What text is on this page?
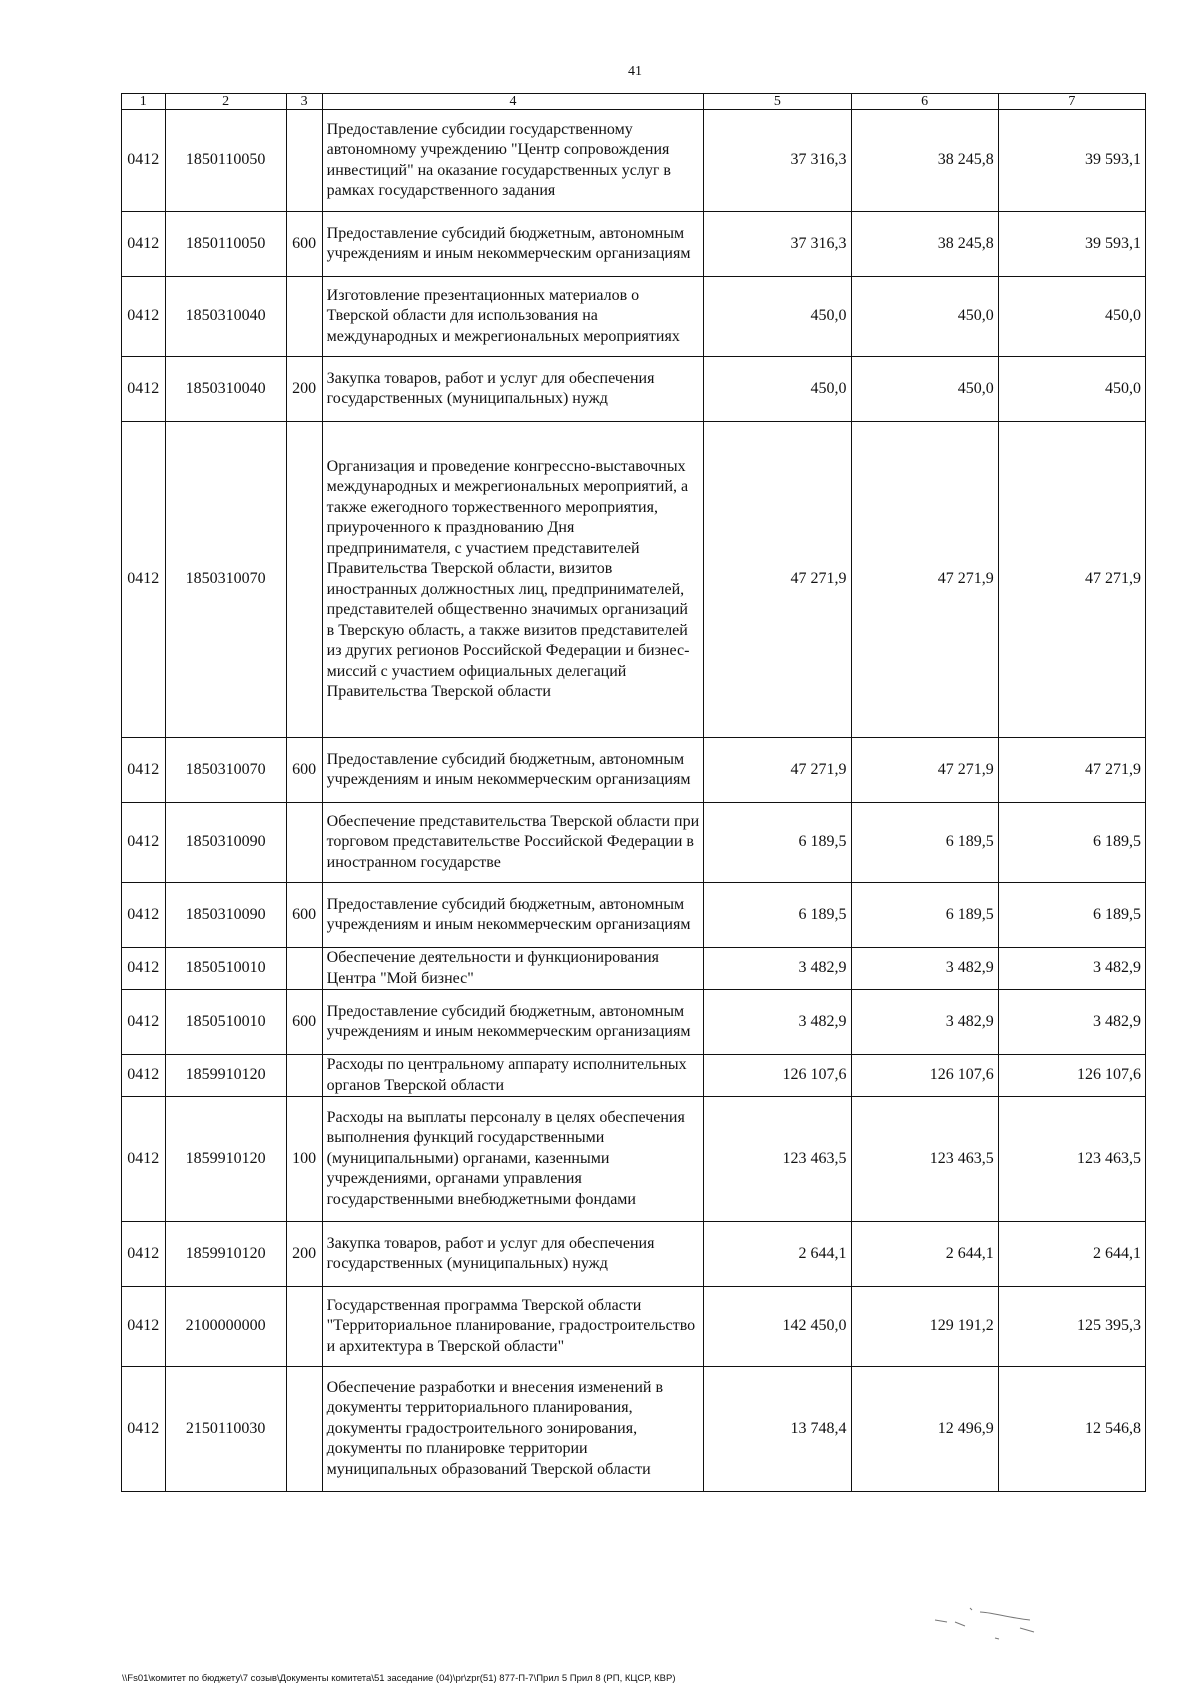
41
1	2	3	4	5	6	7
0412	1850110050		Предоставление субсидии государственному автономному учреждению "Центр сопровождения инвестиций" на оказание государственных услуг в рамках государственного задания	37 316,3	38 245,8	39 593,1
0412	1850110050	600	Предоставление субсидий бюджетным, автономным учреждениям и иным некоммерческим организациям	37 316,3	38 245,8	39 593,1
0412	1850310040		Изготовление презентационных материалов о Тверской области для использования на международных и межрегиональных мероприятиях	450,0	450,0	450,0
0412	1850310040	200	Закупка товаров, работ и услуг для обеспечения государственных (муниципальных) нужд	450,0	450,0	450,0
0412	1850310070		Организация и проведение конгрессно-выставочных международных и межрегиональных мероприятий, а также ежегодного торжественного мероприятия, приуроченного к празднованию Дня предпринимателя, с участием представителей Правительства Тверской области, визитов иностранных должностных лиц, предпринимателей, представителей общественно значимых организаций в Тверскую область, а также визитов представителей из других регионов Российской Федерации и бизнес-миссий с участием официальных делегаций Правительства Тверской области	47 271,9	47 271,9	47 271,9
0412	1850310070	600	Предоставление субсидий бюджетным, автономным учреждениям и иным некоммерческим организациям	47 271,9	47 271,9	47 271,9
0412	1850310090		Обеспечение представительства Тверской области при торговом представительстве Российской Федерации в иностранном государстве	6 189,5	6 189,5	6 189,5
0412	1850310090	600	Предоставление субсидий бюджетным, автономным учреждениям и иным некоммерческим организациям	6 189,5	6 189,5	6 189,5
0412	1850510010		Обеспечение деятельности и функционирования Центра "Мой бизнес"	3 482,9	3 482,9	3 482,9
0412	1850510010	600	Предоставление субсидий бюджетным, автономным учреждениям и иным некоммерческим организациям	3 482,9	3 482,9	3 482,9
0412	1859910120		Расходы по центральному аппарату исполнительных органов Тверской области	126 107,6	126 107,6	126 107,6
0412	1859910120	100	Расходы на выплаты персоналу в целях обеспечения выполнения функций государственными (муниципальными) органами, казенными учреждениями, органами управления государственными внебюджетными фондами	123 463,5	123 463,5	123 463,5
0412	1859910120	200	Закупка товаров, работ и услуг для обеспечения государственных (муниципальных) нужд	2 644,1	2 644,1	2 644,1
0412	2100000000		Государственная программа Тверской области "Территориальное планирование, градостроительство и архитектура в Тверской области"	142 450,0	129 191,2	125 395,3
0412	2150110030		Обеспечение разработки и внесения изменений в документы территориального планирования, документы градостроительного зонирования, документы по планировке территории муниципальных образований Тверской области	13 748,4	12 496,9	12 546,8
\\Fs01\комитет по бюджету\7 созыв\Документы комитета\51 заседание (04)\pr\zpr(51) 877-П-7\Прил 5 Прил 8 (РП, КЦСР, КВР)
